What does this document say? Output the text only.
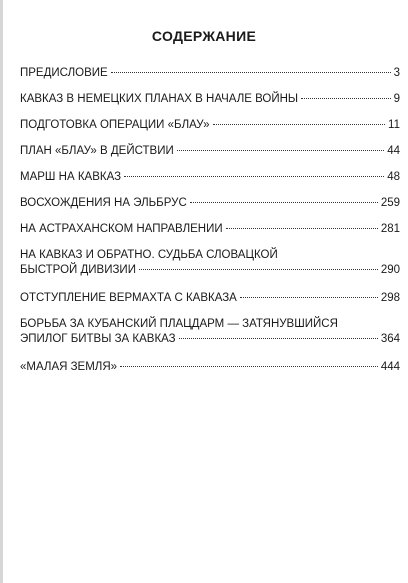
СОДЕРЖАНИЕ
ПРЕДИСЛОВИЕ	3
КАВКАЗ В НЕМЕЦКИХ ПЛАНАХ В НАЧАЛЕ ВОЙНЫ	9
ПОДГОТОВКА ОПЕРАЦИИ «БЛАУ»	11
ПЛАН «БЛАУ» В ДЕЙСТВИИ	44
МАРШ НА КАВКАЗ	48
ВОСХОЖДЕНИЯ НА ЭЛЬБРУС	259
НА АСТРАХАНСКОМ НАПРАВЛЕНИИ	281
НА КАВКАЗ И ОБРАТНО. СУДЬБА СЛОВАЦКОЙ
БЫСТРОЙ ДИВИЗИИ	290
ОТСТУПЛЕНИЕ ВЕРМАХТА С КАВКАЗА	298
БОРЬБА ЗА КУБАНСКИЙ ПЛАЦДАРМ — ЗАТЯНУВШИЙСЯ
ЭПИЛОГ БИТВЫ ЗА КАВКАЗ	364
«МАЛАЯ ЗЕМЛЯ»	444
